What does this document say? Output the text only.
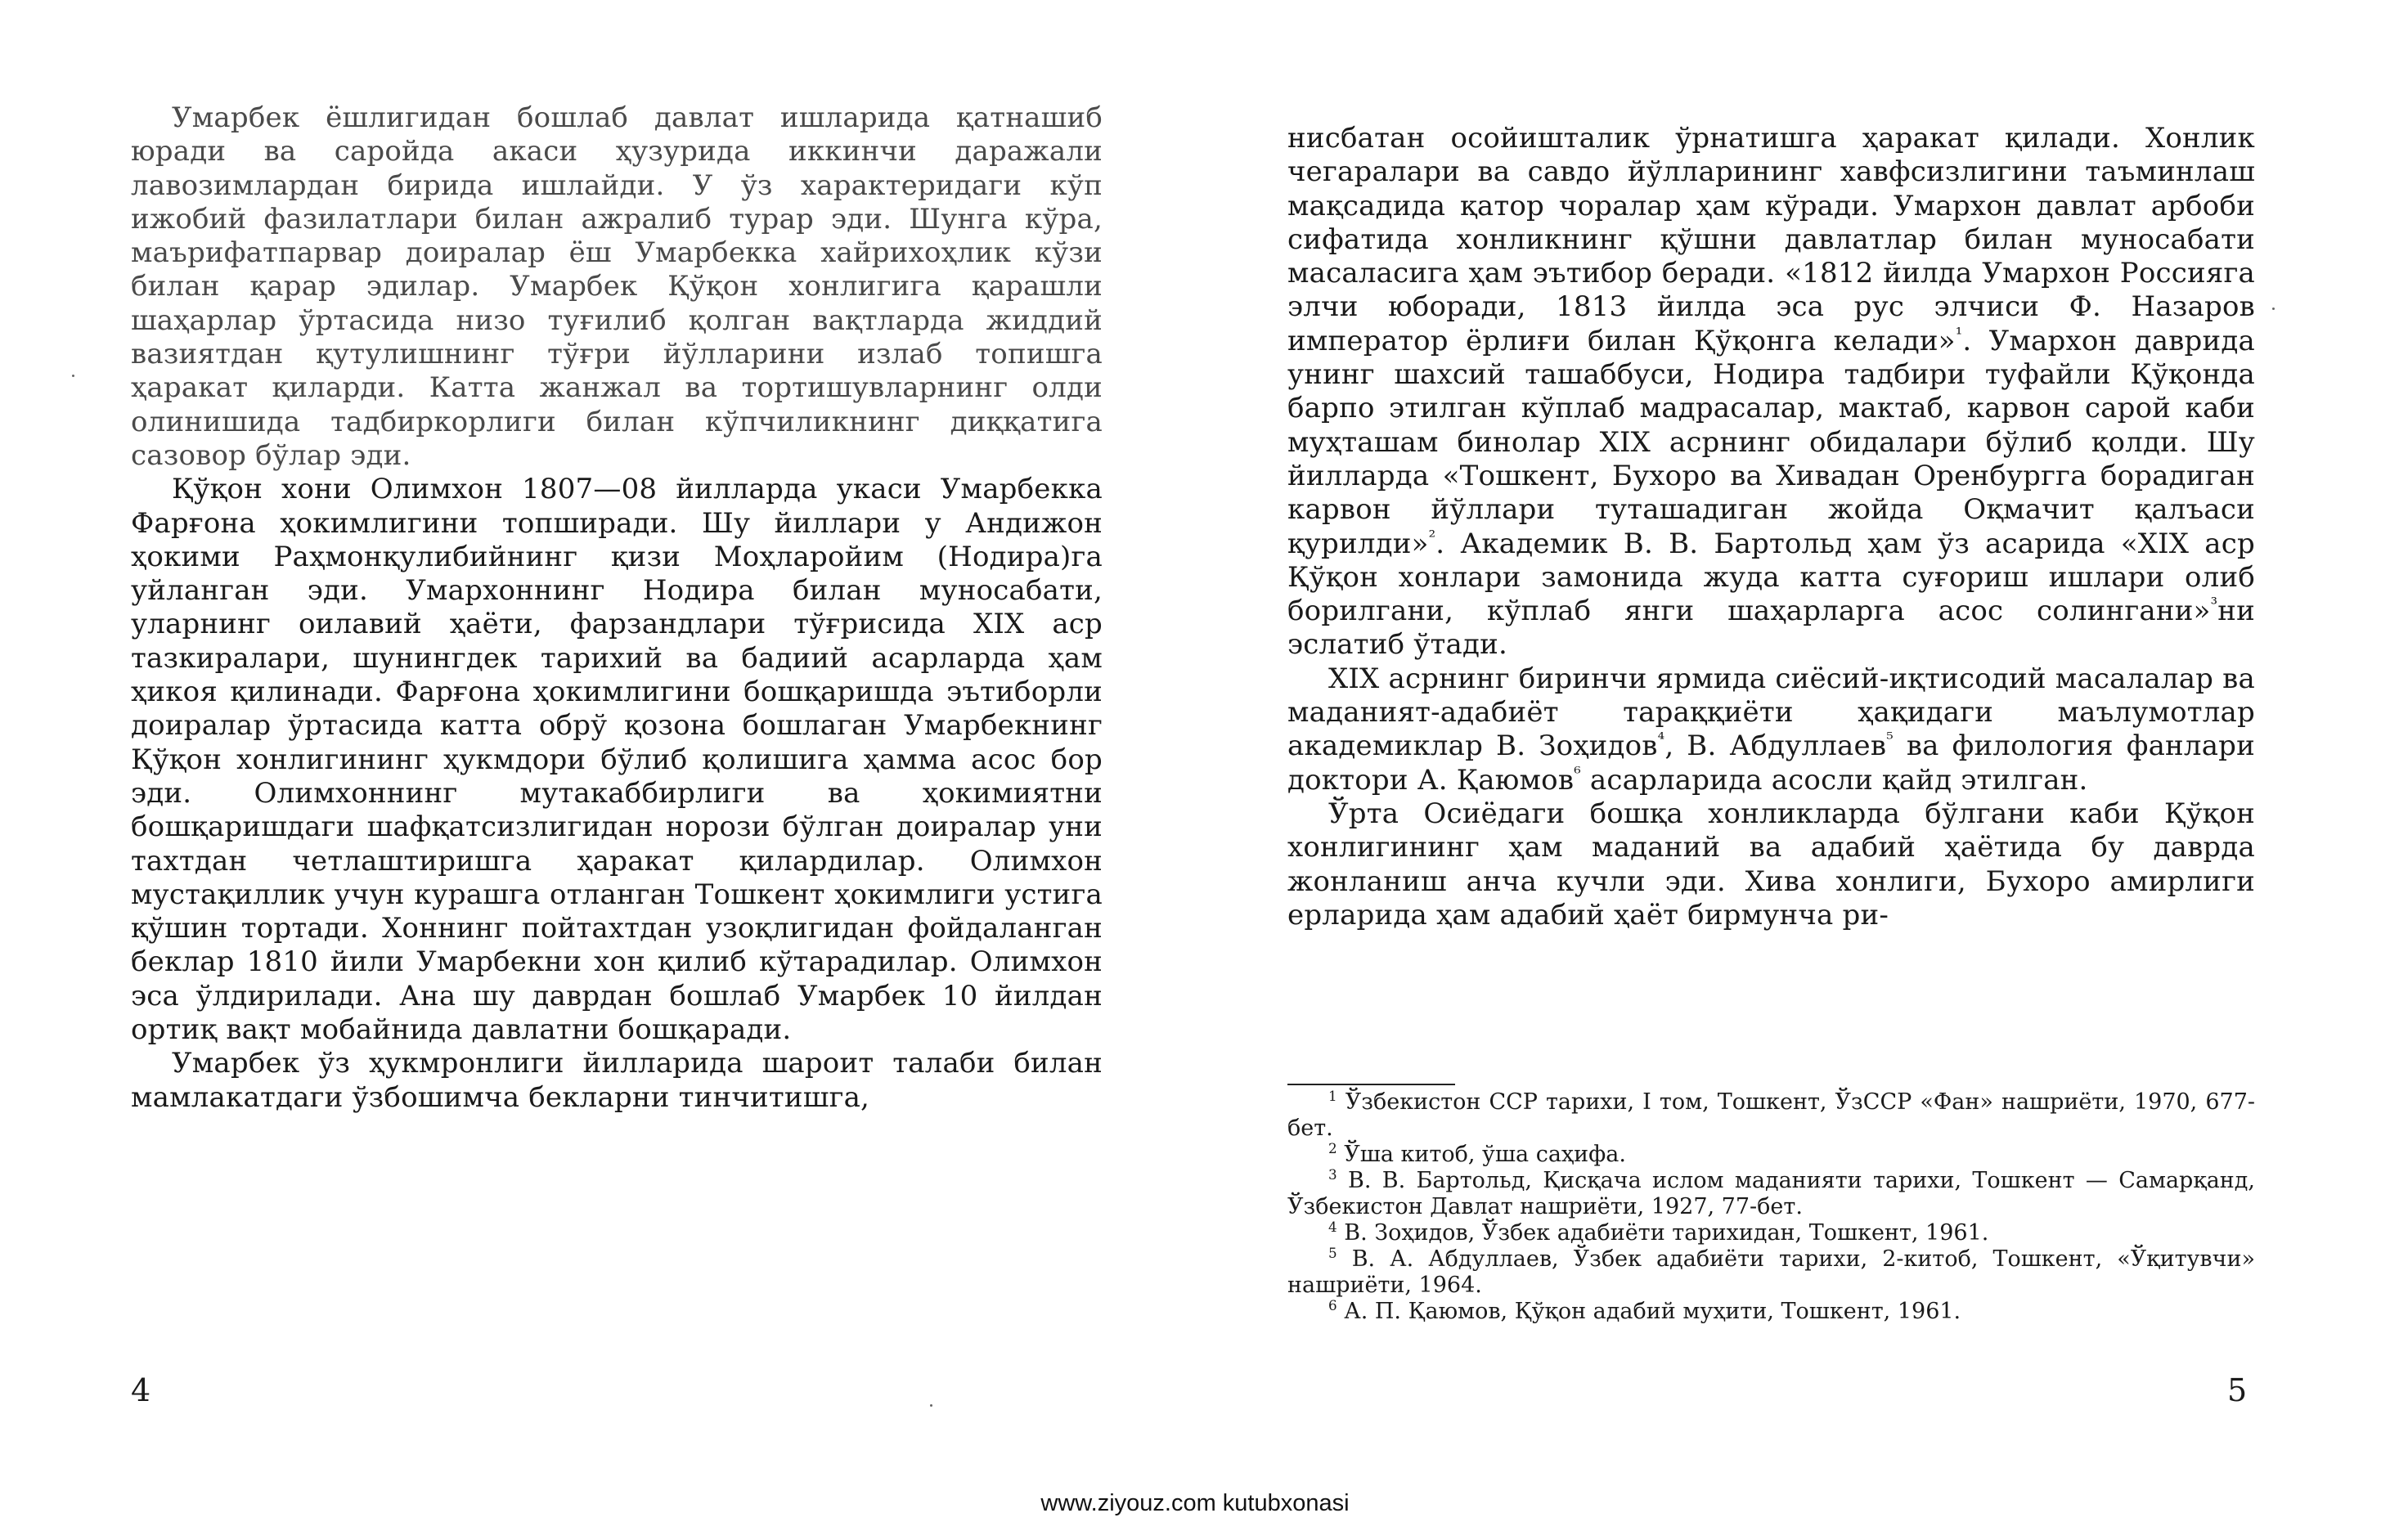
Умарбек ёшлигидан бошлаб давлат ишларида қатнашиб юради ва саройда акаси ҳузурида иккинчи даражали лавозимлардан бирида ишлайди. У ўз характеридаги кўп ижобий фазилатлари билан ажралиб турар эди. Шунга кўра, маърифатпарвар доиралар ёш Умарбекка хайрихоҳлик кўзи билан қарар эдилар. Умарбек Қўқон хонлигига қарашли шаҳарлар ўртасида низо туғилиб қолган вақтларда жиддий вазиятдан қутулишнинг тўғри йўлларини излаб топишга ҳаракат қиларди. Катта жанжал ва тортишувларнинг олди олинишида тадбиркорлиги билан кўпчиликнинг диққатига сазовор бўлар эди.

Қўқон хони Олимхон 1807—08 йилларда укаси Умарбекка Фарғона ҳокимлигини топширади. Шу йиллари у Андижон ҳокими Раҳмонқулибийнинг қизи Моҳларойим (Нодира)га уйланган эди. Умархоннинг Нодира билан муносабати, уларнинг оилавий ҳаёти, фарзандлари тўғрисида XIX аср тазкиралари, шунингдек тарихий ва бадиий асарларда ҳам ҳикоя қилинади. Фарғона ҳокимлигини бошқаришда эътиборли доиралар ўртасида катта обрў қозона бошлаган Умарбекнинг Қўқон хонлигининг ҳукмдори бўлиб қолишига ҳамма асос бор эди. Олимхоннинг мутакаббирлиги ва ҳокимиятни бошқаришдаги шафқатсизлигидан норози бўлган доиралар уни тахтдан четлаштиришга ҳаракат қилардилар. Олимхон мустақиллик учун курашга отланган Тошкент ҳокимлиги устига қўшин тортади. Хоннинг пойтахтдан узоқлигидан фойдаланган беклар 1810 йили Умарбекни хон қилиб кўтарадилар. Олимхон эса ўлдирилади. Ана шу даврдан бошлаб Умарбек 10 йилдан ортиқ вақт мобайнида давлатни бошқаради.

Умарбек ўз ҳукмронлиги йилларида шароит талаби билан мамлакатдаги ўзбошимча бекларни тинчитишга,

4

нисбатан осойишталик ўрнатишга ҳаракат қилади. Хонлик чегаралари ва савдо йўлларининг хавфсизлигини таъминлаш мақсадида қатор чоралар ҳам кўради. Умархон давлат арбоби сифатида хонликнинг қўшни давлатлар билан муносабати масаласига ҳам эътибор беради. «1812 йилда Умархон Россияга элчи юборади, 1813 йилда эса рус элчиси Ф. Назаров император ёрлиғи билан Қўқонга келади»$^{^1}$. Умархон даврида унинг шахсий ташаббуси, Нодира тадбири туфайли Қўқонда барпо этилган кўплаб мадрасалар, мактаб, карвон сарой каби муҳташам бинолар XIX асрнинг обидалари бўлиб қолди. Шу йилларда «Тошкент, Бухоро ва Хивадан Оренбургга борадиган карвон йўллари туташадиган жойда Оқмачит қалъаси қурилди»$^{^2}$. Академик В. В. Бартольд ҳам ўз асарида «XIX аср Қўқон хонлари замонида жуда катта суғориш ишлари олиб борилгани, кўплаб янги шаҳарларга асос солингани»$^{^3}$ни эслатиб ўтади.

XIX асрнинг биринчи ярмида сиёсий-иқтисодий масалалар ва маданият-адабиёт тараққиёти ҳақидаги маълумотлар академиклар В. Зоҳидов$^{^4}$, В. Абдуллаев$^{^5}$ ва филология фанлари доктори А. Қаюмов$^{^6}$ асарларида асосли қайд этилган.

Ўрта Осиёдаги бошқа хонликларда бўлгани каби Қўқон хонлигининг ҳам маданий ва адабий ҳаётида бу даврда жонланиш анча кучли эди. Хива хонлиги, Бухоро амирлиги ерларида ҳам адабий ҳаёт бирмунча ри-

$^1$ Ўзбекистон ССР тарихи, I том, Тошкент, ЎзССР «Фан» нашриёти, 1970, 677-бет.

$^2$ Ўша китоб, ўша саҳифа.

$^3$ В. В. Бартольд, Қисқача ислом маданияти тарихи, Тошкент — Самарқанд, Ўзбекистон Давлат нашриёти, 1927, 77-бет.

$^4$ В. Зоҳидов, Ўзбек адабиёти тарихидан, Тошкент, 1961.

$^5$ В. А. Абдуллаев, Ўзбек адабиёти тарихи, 2-китоб, Тошкент, «Ўқитувчи» нашриёти, 1964.

$^6$ А. П. Қаюмов, Қўқон адабий муҳити, Тошкент, 1961.

5
www.ziyouz.com kutubxonasi
